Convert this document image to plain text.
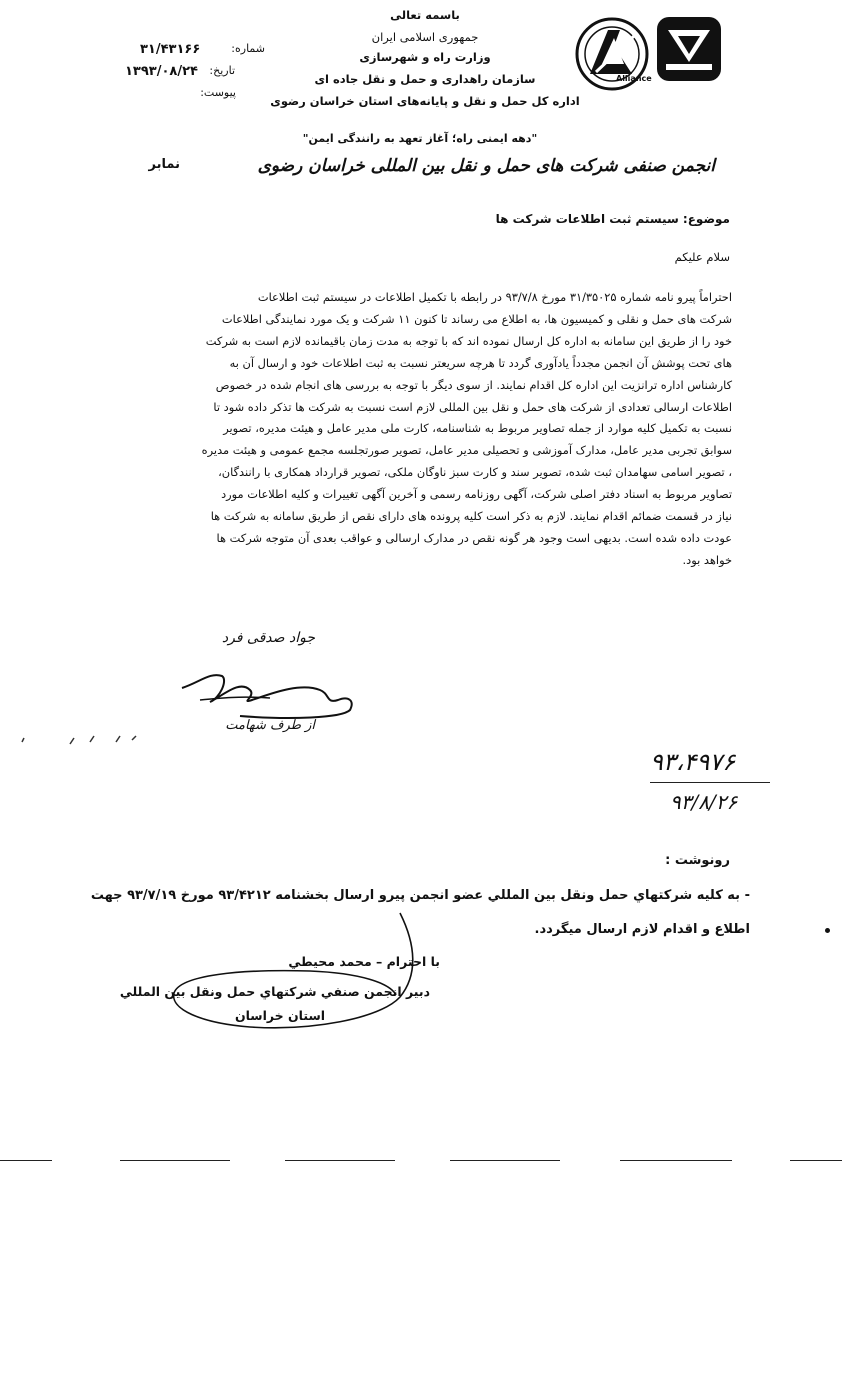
باسمه تعالی
جمهوری اسلامی ایران
وزارت راه و شهرسازی
سازمان راهداری و حمل و نقل جاده ای
اداره کل حمل و نقل و پایانه‌های استان خراسان رضوی
Alliance
شماره:
۳۱/۴۳۱۶۶
تاریخ:
۱۳۹۳/۰۸/۲۴
پیوست:
"دهه ایمنی راه؛ آغاز تعهد به رانندگی ایمن"
انجمن صنفی شرکت های حمل و نقل بین المللی خراسان رضوی
نمابر
موضوع: سیستم ثبت اطلاعات شرکت ها
سلام علیکم
احتراماً پیرو نامه شماره ۳۱/۳۵۰۲۵ مورخ ۹۳/۷/۸ در رابطه با تکمیل اطلاعات در سیستم ثبت اطلاعات
شرکت های حمل و نقلی و کمیسیون ها، به اطلاع می رساند تا کنون ۱۱ شرکت و یک مورد نمایندگی اطلاعات
خود را از طریق این سامانه به اداره کل ارسال نموده اند که با توجه به مدت زمان باقیمانده لازم است به شرکت
های تحت پوشش آن انجمن مجدداً یادآوری گردد تا هرچه سریعتر نسبت به ثبت اطلاعات خود و ارسال آن به
کارشناس اداره ترانزیت این اداره کل اقدام نمایند. از سوی دیگر با توجه به بررسی های انجام شده در خصوص
اطلاعات ارسالی تعدادی از شرکت های حمل و نقل بین المللی لازم است نسبت به شرکت ها تذکر داده شود تا
نسبت به تکمیل کلیه موارد از جمله تصاویر مربوط به شناسنامه، کارت ملی مدیر عامل و هیئت مدیره، تصویر
سوابق تجربی مدیر عامل، مدارک آموزشی و تحصیلی مدیر عامل، تصویر صورتجلسه مجمع عمومی و هیئت مدیره
، تصویر اسامی سهامدان ثبت شده، تصویر سند و کارت سبز ناوگان ملکی، تصویر قرارداد همکاری با رانندگان،
تصاویر مربوط به اسناد دفتر اصلی شرکت، آگهی روزنامه رسمی و آخرین آگهی تغییرات و کلیه اطلاعات مورد
نیاز در قسمت ضمائم اقدام نمایند. لازم به ذکر است کلیه پرونده های دارای نقص از طریق سامانه به شرکت ها
عودت داده شده است. بدیهی است وجود هر گونه نقص در مدارک ارسالی و عواقب بعدی آن متوجه شرکت ها
خواهد بود.
جواد صدقی فرد
از طرف شهامت
۹۳،۴۹۷۶
۹۳/۸/۲۶
رونوشت :
- به کلیه شرکتهاي حمل ونقل بين المللي عضو انجمن پيرو ارسال بخشنامه ۹۳/۴۲۱۲ مورخ ۹۳/۷/۱۹ جهت
اطلاع و اقدام لازم ارسال ميگردد.
با احترام – محمد محيطي
دبير انجمن صنفي شركتهاي حمل ونقل بين المللي
استان خراسان
